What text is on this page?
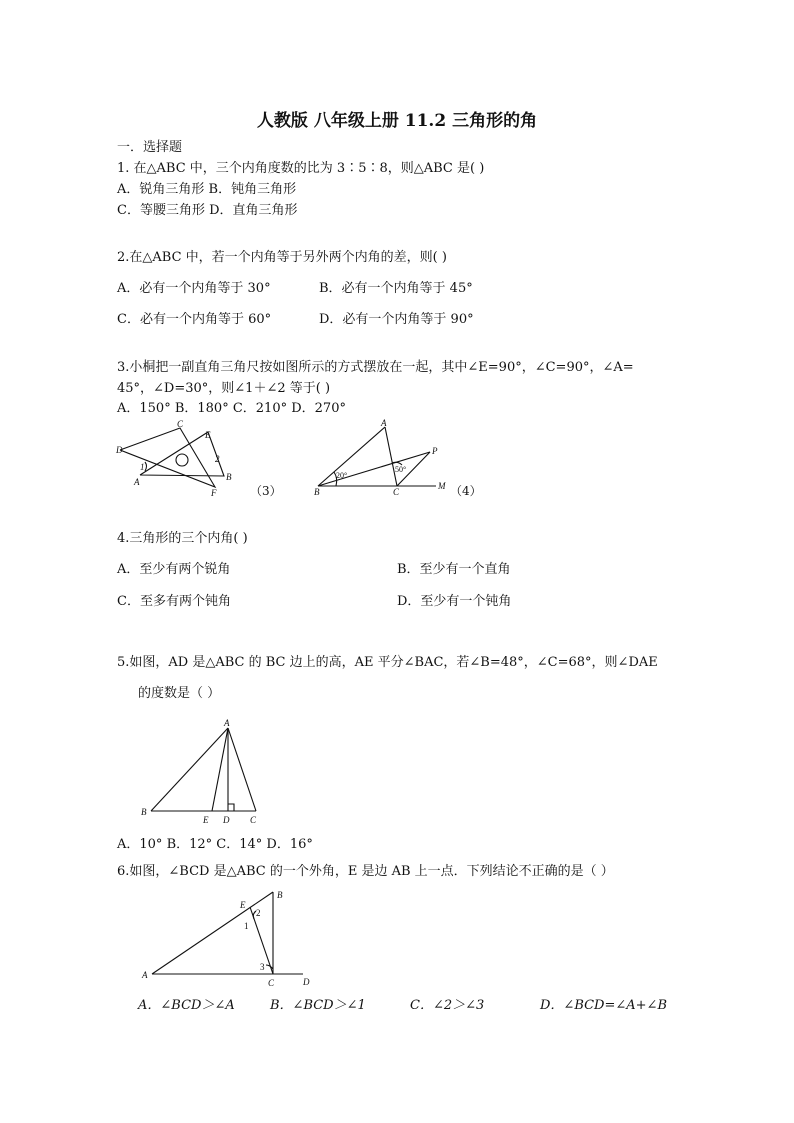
人教版 八年级上册 11.2 三角形的角
一．选择题
1. 在△ABC 中，三个内角度数的比为 3∶5∶8，则△ABC 是( )
A．锐角三角形 B．钝角三角形
C．等腰三角形 D．直角三角形
2.在△ABC 中，若一个内角等于另外两个内角的差，则( )
A．必有一个内角等于 30°	B．必有一个内角等于 45°
C．必有一个内角等于 60°	D．必有一个内角等于 90°
3.小桐把一副直角三角尺按如图所示的方式摆放在一起，其中∠E=90°，∠C=90°，∠A=
45°，∠D=30°，则∠1＋∠2 等于( )
A．150° B．180° C．210° D．270°
C
E
D
1
2
B
A
F	（3）
A
P
B	C
M
20°
50°
（4）
4.三角形的三个内角( )
A．至少有两个锐角	B．至少有一个直角
C．至多有两个钝角	D．至少有一个钝角
5.如图，AD 是△ABC 的 BC 边上的高，AE 平分∠BAC，若∠B=48°，∠C=68°，则∠DAE
的度数是（ ）
A
B
E D C
A．10° B．12° C．14° D．16°
6.如图，∠BCD 是△ABC 的一个外角，E 是边 AB 上一点．下列结论不正确的是（ ）
B
E
2
1
3
A
C	D
A．∠BCD＞∠A	B．∠BCD＞∠1	C．∠2＞∠3	D．∠BCD=∠A+∠B
